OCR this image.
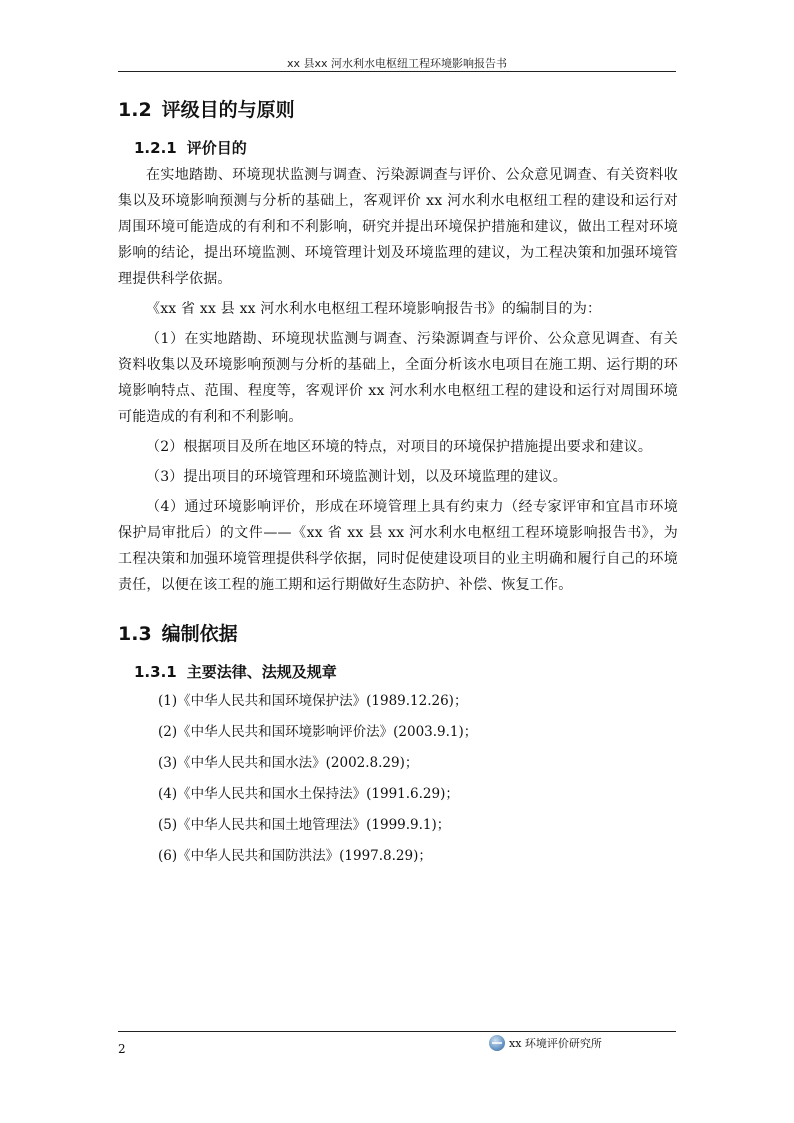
xx 县xx 河水利水电枢纽工程环境影响报告书
1.2 评级目的与原则
1.2.1 评价目的

在实地踏勘、环境现状监测与调查、污染源调查与评价、公众意见调查、有关资料收集以及环境影响预测与分析的基础上，客观评价 xx 河水利水电枢纽工程的建设和运行对周围环境可能造成的有利和不利影响，研究并提出环境保护措施和建议，做出工程对环境影响的结论，提出环境监测、环境管理计划及环境监理的建议，为工程决策和加强环境管理提供科学依据。

《xx 省 xx 县 xx 河水利水电枢纽工程环境影响报告书》的编制目的为：

（1）在实地踏勘、环境现状监测与调查、污染源调查与评价、公众意见调查、有关资料收集以及环境影响预测与分析的基础上，全面分析该水电项目在施工期、运行期的环境影响特点、范围、程度等，客观评价 xx 河水利水电枢纽工程的建设和运行对周围环境可能造成的有利和不利影响。

（2）根据项目及所在地区环境的特点，对项目的环境保护措施提出要求和建议。

（3）提出项目的环境管理和环境监测计划，以及环境监理的建议。

（4）通过环境影响评价，形成在环境管理上具有约束力（经专家评审和宜昌市环境保护局审批后）的文件——《xx 省 xx 县 xx 河水利水电枢纽工程环境影响报告书》，为工程决策和加强环境管理提供科学依据，同时促使建设项目的业主明确和履行自己的环境责任，以便在该工程的施工期和运行期做好生态防护、补偿、恢复工作。

1.3 编制依据
1.3.1 主要法律、法规及规章
(1)《中华人民共和国环境保护法》(1989.12.26)；
(2)《中华人民共和国环境影响评价法》(2003.9.1)；
(3)《中华人民共和国水法》(2002.8.29)；
(4)《中华人民共和国水土保持法》(1991.6.29)；
(5)《中华人民共和国土地管理法》(1999.9.1)；
(6)《中华人民共和国防洪法》(1997.8.29)；
2	xx 环境评价研究所
